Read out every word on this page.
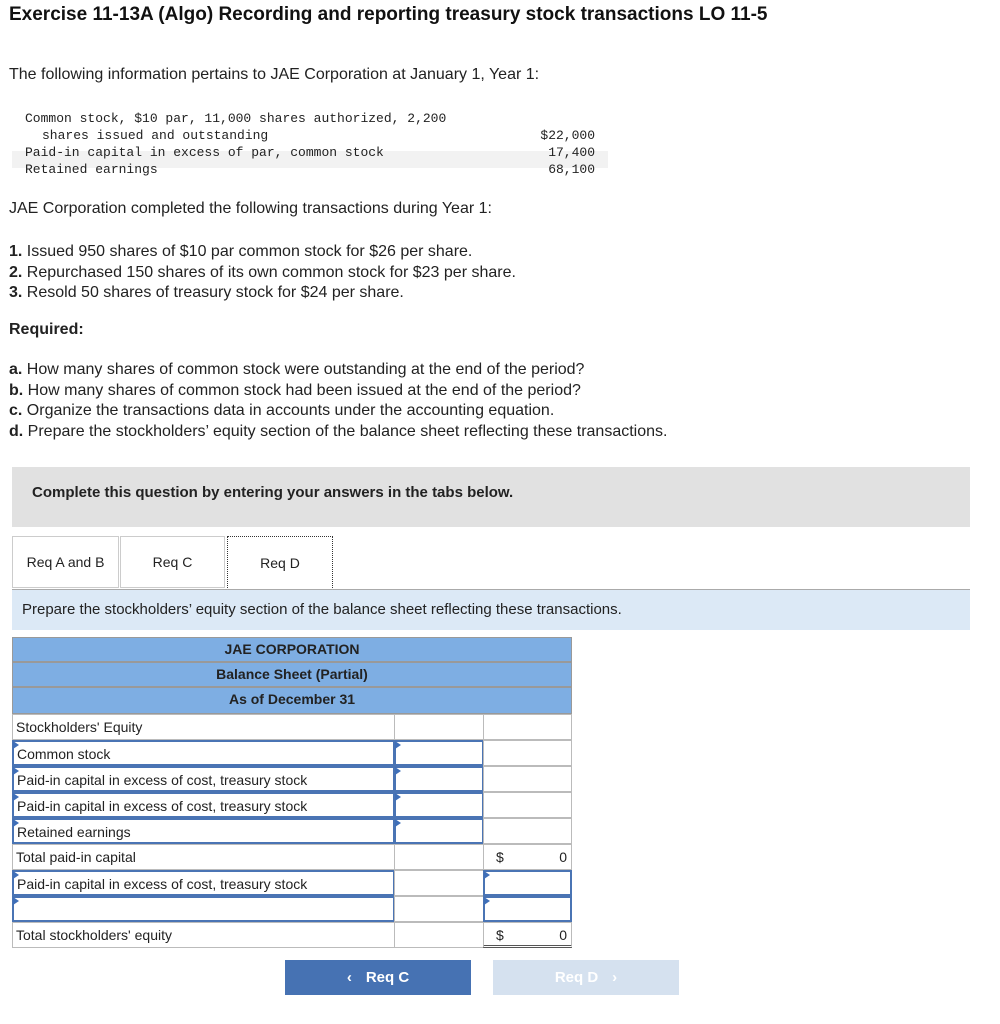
Exercise 11-13A (Algo) Recording and reporting treasury stock transactions LO 11-5

The following information pertains to JAE Corporation at January 1, Year 1:

Common stock, $10 par, 11,000 shares authorized, 2,200
shares issued and outstanding	$22,000
Paid-in capital in excess of par, common stock	17,400
Retained earnings	68,100

JAE Corporation completed the following transactions during Year 1:

1. Issued 950 shares of $10 par common stock for $26 per share.
2. Repurchased 150 shares of its own common stock for $23 per share.
3. Resold 50 shares of treasury stock for $24 per share.

Required:

a. How many shares of common stock were outstanding at the end of the period?
b. How many shares of common stock had been issued at the end of the period?
c. Organize the transactions data in accounts under the accounting equation.
d. Prepare the stockholders’ equity section of the balance sheet reflecting these transactions.
Complete this question by entering your answers in the tabs below.
Req A and B	Req C	Req D
Prepare the stockholders’ equity section of the balance sheet reflecting these transactions.
JAE CORPORATION
Balance Sheet (Partial)
As of December 31
Stockholders' Equity
Common stock
Paid-in capital in excess of cost, treasury stock
Paid-in capital in excess of cost, treasury stock
Retained earnings
Total paid-in capital	$	0
Paid-in capital in excess of cost, treasury stock
Total stockholders' equity	$	0
‹ Req C	Req D ›
